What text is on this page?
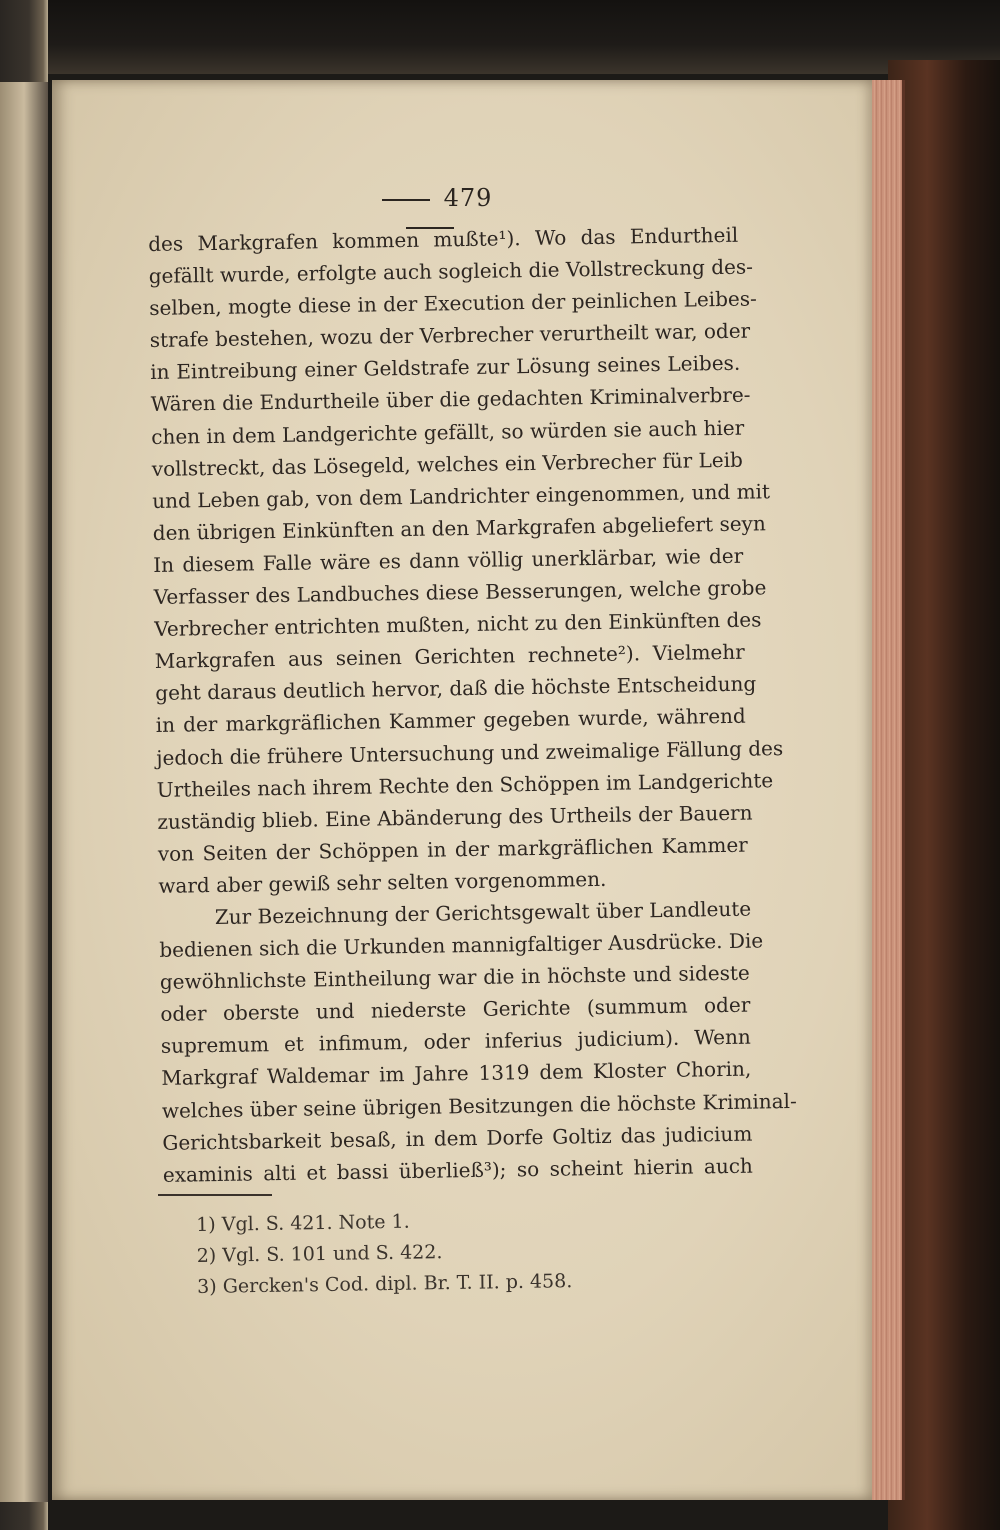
479
des Markgrafen kommen mußte¹). Wo das Endurtheil
gefällt wurde, erfolgte auch sogleich die Vollstreckung des-
selben, mogte diese in der Execution der peinlichen Leibes-
strafe bestehen, wozu der Verbrecher verurtheilt war, oder
in Eintreibung einer Geldstrafe zur Lösung seines Leibes.
Wären die Endurtheile über die gedachten Kriminalverbre-
chen in dem Landgerichte gefällt, so würden sie auch hier
vollstreckt, das Lösegeld, welches ein Verbrecher für Leib
und Leben gab, von dem Landrichter eingenommen, und mit
den übrigen Einkünften an den Markgrafen abgeliefert seyn
In diesem Falle wäre es dann völlig unerklärbar, wie der
Verfasser des Landbuches diese Besserungen, welche grobe
Verbrecher entrichten mußten, nicht zu den Einkünften des
Markgrafen aus seinen Gerichten rechnete²). Vielmehr
geht daraus deutlich hervor, daß die höchste Entscheidung
in der markgräflichen Kammer gegeben wurde, während
jedoch die frühere Untersuchung und zweimalige Fällung des
Urtheiles nach ihrem Rechte den Schöppen im Landgerichte
zuständig blieb. Eine Abänderung des Urtheils der Bauern
von Seiten der Schöppen in der markgräflichen Kammer
ward aber gewiß sehr selten vorgenommen.
Zur Bezeichnung der Gerichtsgewalt über Landleute
bedienen sich die Urkunden mannigfaltiger Ausdrücke. Die
gewöhnlichste Eintheilung war die in höchste und sideste
oder oberste und niederste Gerichte (summum oder
supremum et infimum, oder inferius judicium). Wenn
Markgraf Waldemar im Jahre 1319 dem Kloster Chorin,
welches über seine übrigen Besitzungen die höchste Kriminal-
Gerichtsbarkeit besaß, in dem Dorfe Goltiz das judicium
examinis alti et bassi überließ³); so scheint hierin auch
1) Vgl. S. 421. Note 1.
2) Vgl. S. 101 und S. 422.
3) Gercken's Cod. dipl. Br. T. II. p. 458.
